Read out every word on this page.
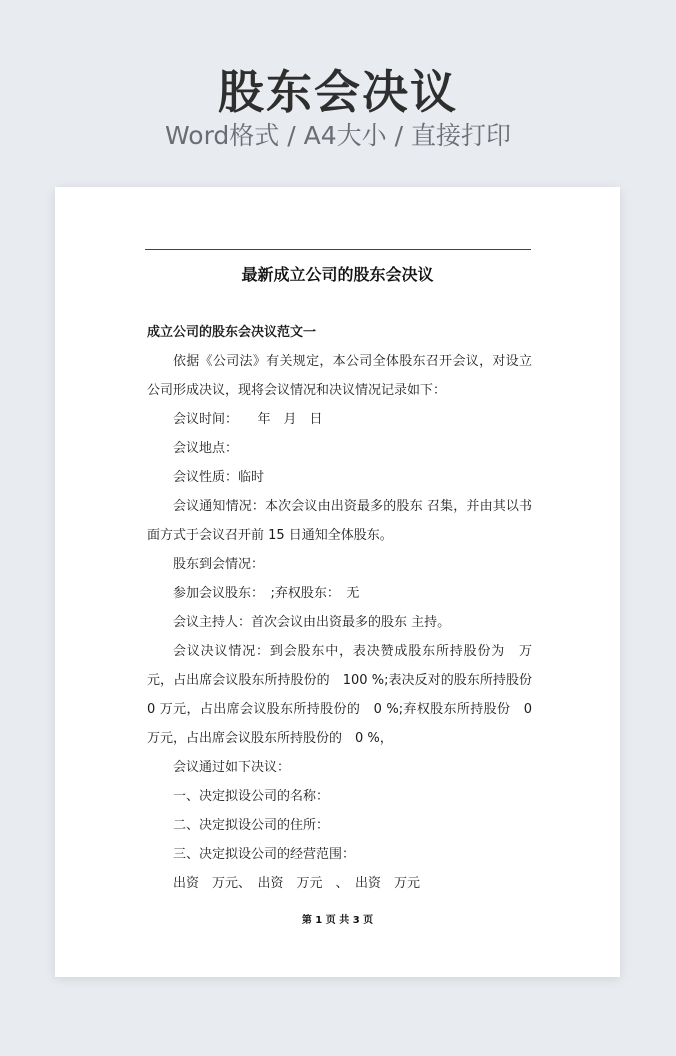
股东会决议
Word格式 / A4大小 / 直接打印
最新成立公司的股东会决议

成立公司的股东会决议范文一

依据《公司法》有关规定，本公司全体股东召开会议，对设立公司形成决议，现将会议情况和决议情况记录如下：

会议时间：　　年　月　日

会议地点：

会议性质：临时

会议通知情况：本次会议由出资最多的股东 召集，并由其以书面方式于会议召开前 15 日通知全体股东。

股东到会情况：

参加会议股东：　;弃权股东：　无

会议主持人：首次会议由出资最多的股东 主持。

会议决议情况：到会股东中，表决赞成股东所持股份为　万元，占出席会议股东所持股份的　100 %;表决反对的股东所持股份　0 万元，占出席会议股东所持股份的　0 %;弃权股东所持股份　0 万元，占出席会议股东所持股份的　0 %，

会议通过如下决议：

一、决定拟设公司的名称：

二、决定拟设公司的住所：

三、决定拟设公司的经营范围：

出资　万元、　出资　万元　、　出资　万元

第 1 页 共 3 页
